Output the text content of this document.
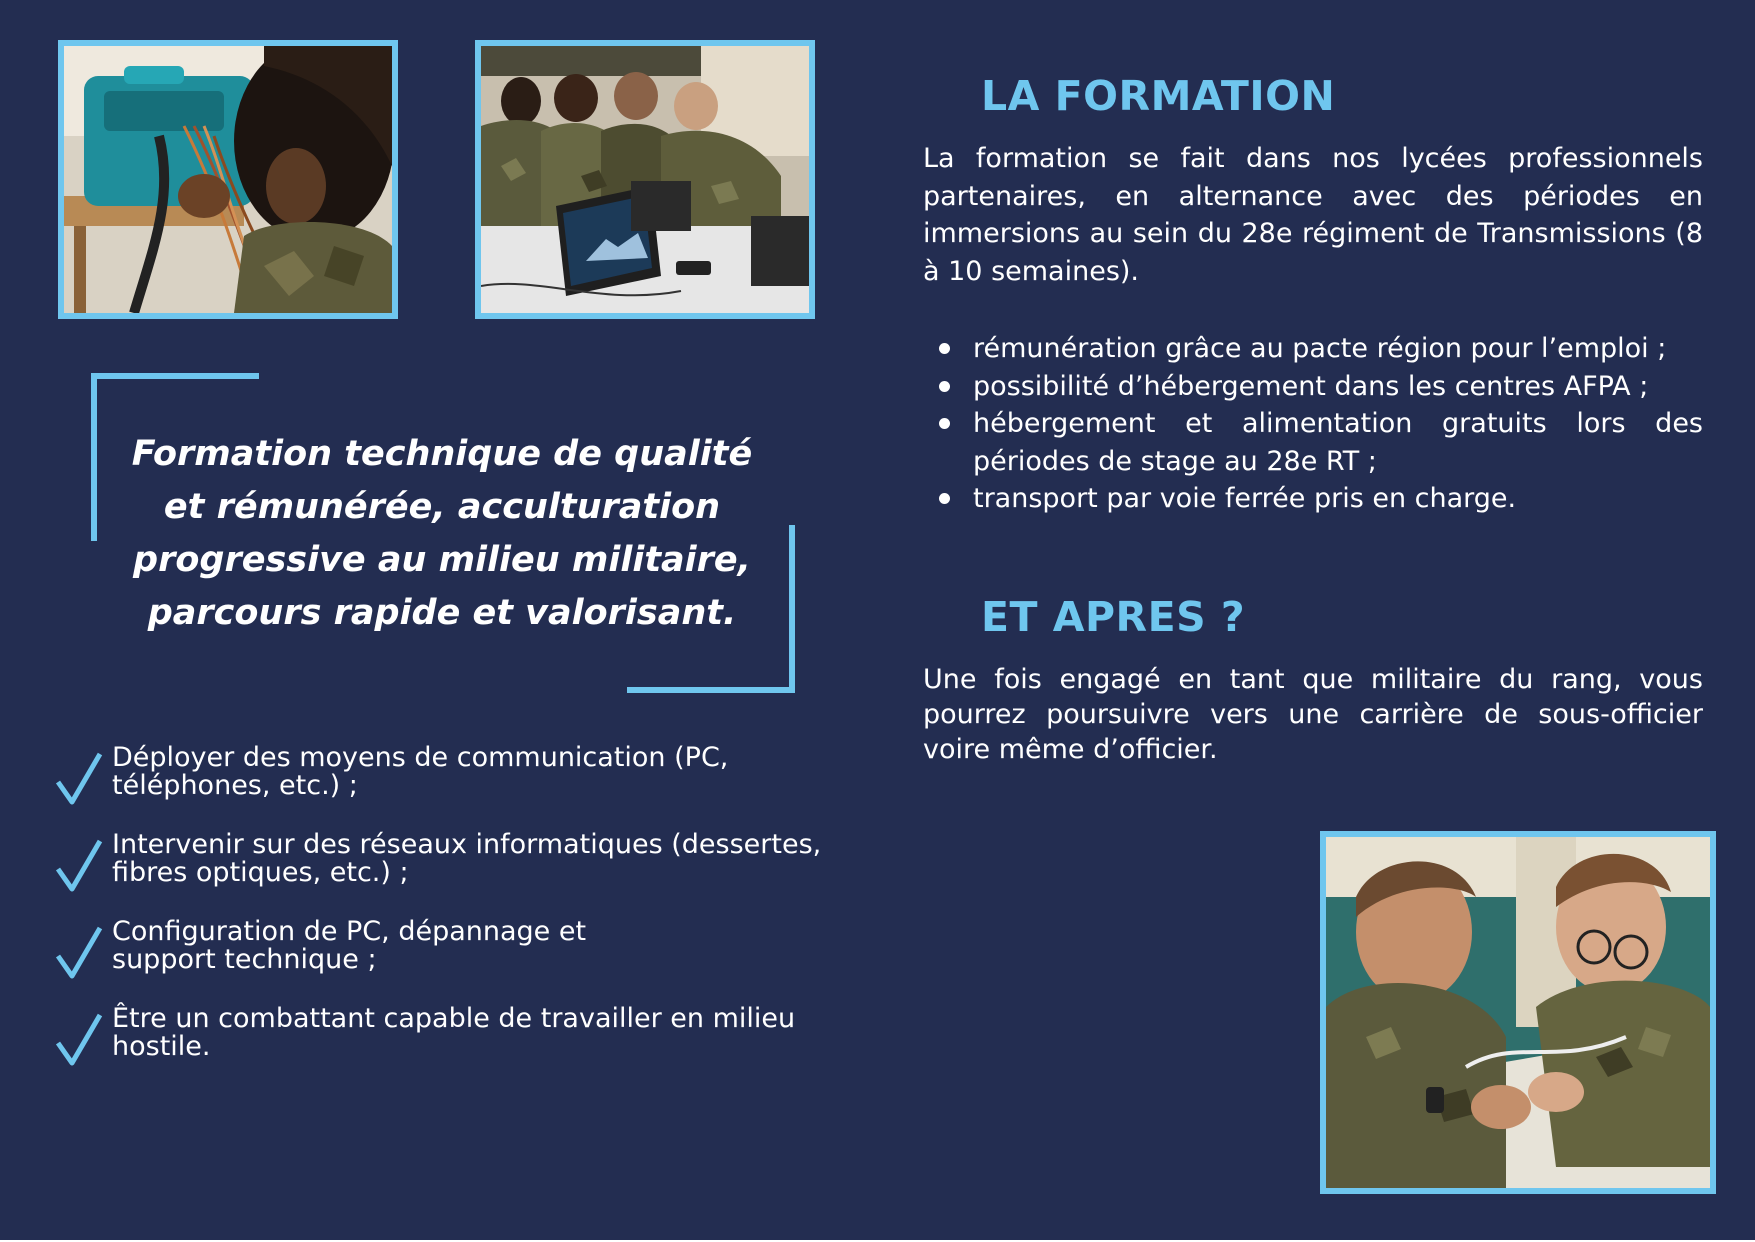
Formation technique de qualité et rémunérée, acculturation progressive au milieu militaire, parcours rapide et valorisant.

Déployer des moyens de communication (PC, téléphones, etc.) ;
Intervenir sur des réseaux informatiques (dessertes, fibres optiques, etc.) ;
Configuration de PC, dépannage et support technique ;
Être un combattant capable de travailler en milieu hostile.
LA FORMATION

La formation se fait dans nos lycées professionnels partenaires, en alternance avec des périodes en immersions au sein du 28e régiment de Transmissions (8 à 10 semaines).

rémunération grâce au pacte région pour l’emploi ;
possibilité d’hébergement dans les centres AFPA ;
hébergement et alimentation gratuits lors des périodes de stage au 28e RT ;
transport par voie ferrée pris en charge.
ET APRES ?

Une fois engagé en tant que militaire du rang, vous pourrez poursuivre vers une carrière de sous-officier voire même d’officier.
